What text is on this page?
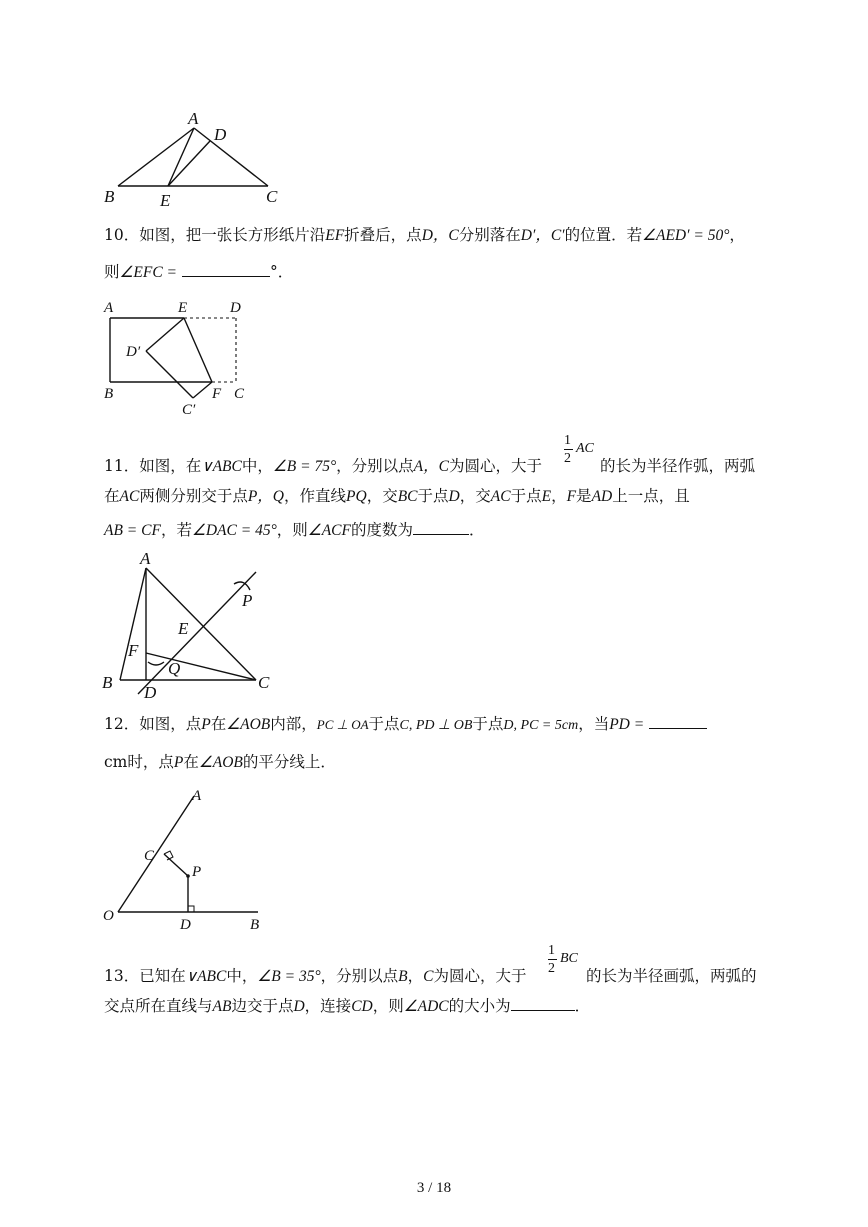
A
D
B	E	C
10．如图，把一张长方形纸片沿EF折叠后，点D，C分别落在D′，C′的位置．若∠AED′ = 50°，
则∠EFC =	°．
A	E	D
D′
B	F C
C′
11．如图，在∨ABC中，∠B = 75°，分别以点A，C为圆心，大于
1
2
AC
的长为半径作弧，两弧
在AC两侧分别交于点P，Q，作直线PQ，交BC于点D，交AC于点E，F是AD上一点，且
AB = CF，若∠DAC = 45°，则∠ACF的度数为	．
A
P
E
F
Q
B
D
C
12．如图，点P在∠AOB内部，PC ⊥ OA于点C, PD ⊥ OB于点D, PC = 5cm，当PD =
cm时，点P在∠AOB的平分线上．
A
C
P
O
D	B
13．已知在∨ABC中，∠B = 35°，分别以点B，C为圆心，大于
1
2
BC
的长为半径画弧，两弧的
交点所在直线与AB边交于点D，连接CD，则∠ADC的大小为	．
3 / 18
